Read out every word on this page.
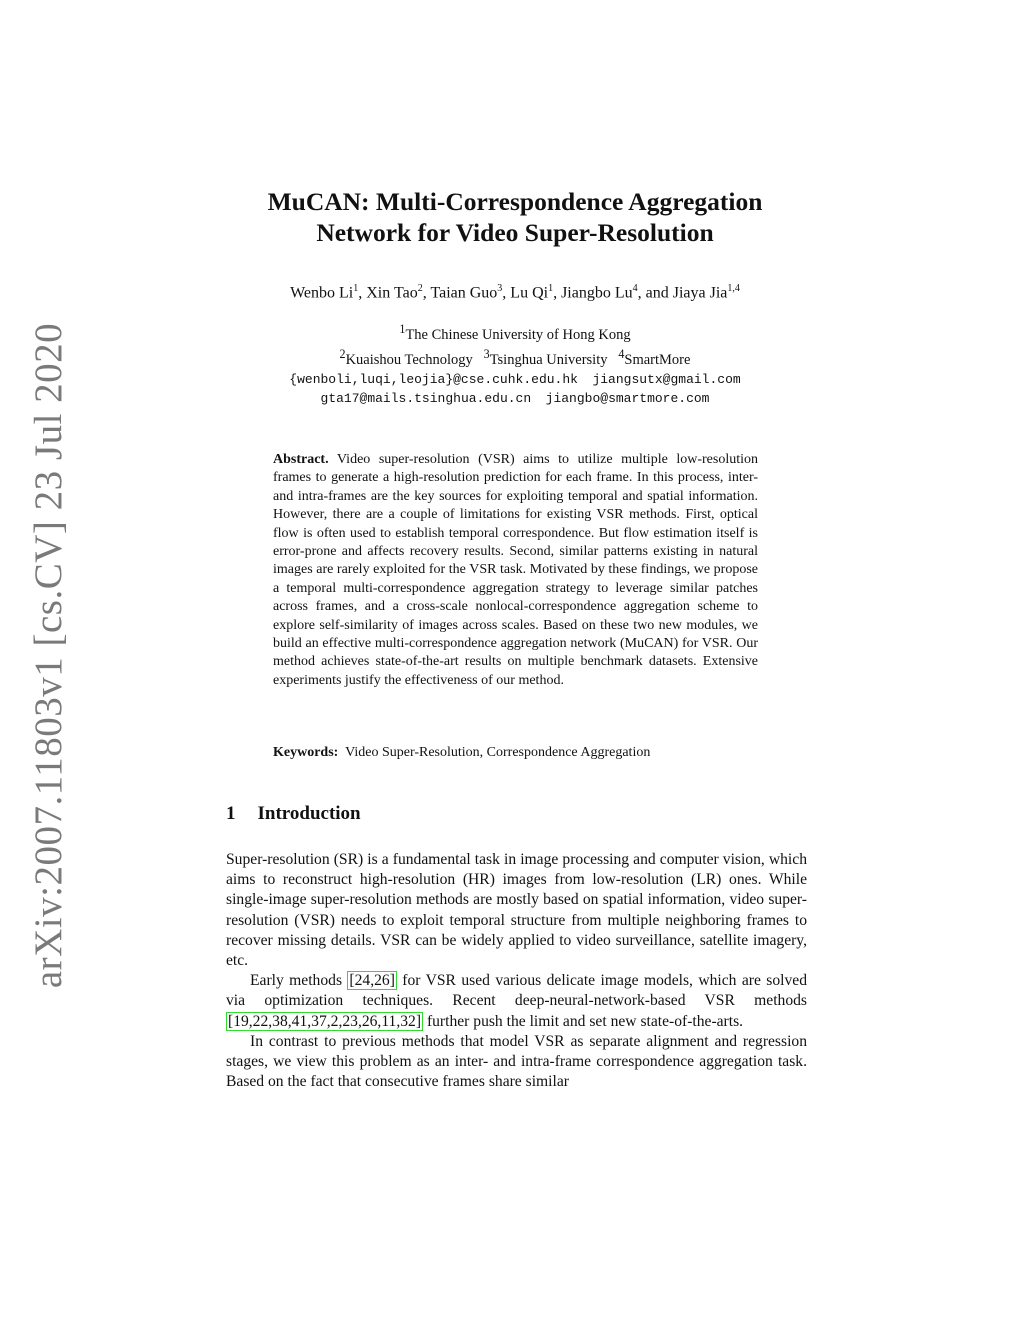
arXiv:2007.11803v1 [cs.CV] 23 Jul 2020
MuCAN: Multi-Correspondence Aggregation
Network for Video Super-Resolution
Wenbo Li$^1$, Xin Tao$^2$, Taian Guo$^3$, Lu Qi$^1$, Jiangbo Lu$^4$, and Jiaya Jia$^{1,4}$
$^1$The Chinese University of Hong Kong
$^2$Kuaishou Technology $^3$Tsinghua University $^4$SmartMore
{wenboli,luqi,leojia}@cse.cuhk.edu.hk jiangsutx@gmail.com
gta17@mails.tsinghua.edu.cn jiangbo@smartmore.com
Abstract. Video super-resolution (VSR) aims to utilize multiple low-resolution frames to generate a high-resolution prediction for each frame. In this process, inter- and intra-frames are the key sources for exploiting temporal and spatial information. However, there are a couple of limitations for existing VSR methods. First, optical flow is often used to establish temporal correspondence. But flow estimation itself is error-prone and affects recovery results. Second, similar patterns existing in natural images are rarely exploited for the VSR task. Motivated by these findings, we propose a temporal multi-correspondence aggregation strategy to leverage similar patches across frames, and a cross-scale nonlocal-correspondence aggregation scheme to explore self-similarity of images across scales. Based on these two new modules, we build an effective multi-correspondence aggregation network (MuCAN) for VSR. Our method achieves state-of-the-art results on multiple benchmark datasets. Extensive experiments justify the effectiveness of our method.
Keywords: Video Super-Resolution, Correspondence Aggregation
1 Introduction

Super-resolution (SR) is a fundamental task in image processing and computer vision, which aims to reconstruct high-resolution (HR) images from low-resolution (LR) ones. While single-image super-resolution methods are mostly based on spatial information, video super-resolution (VSR) needs to exploit temporal structure from multiple neighboring frames to recover missing details. VSR can be widely applied to video surveillance, satellite imagery, etc.

Early methods [24,26] for VSR used various delicate image models, which are solved via optimization techniques. Recent deep-neural-network-based VSR methods [19,22,38,41,37,2,23,26,11,32] further push the limit and set new state-of-the-arts.

In contrast to previous methods that model VSR as separate alignment and regression stages, we view this problem as an inter- and intra-frame correspondence aggregation task. Based on the fact that consecutive frames share similar
